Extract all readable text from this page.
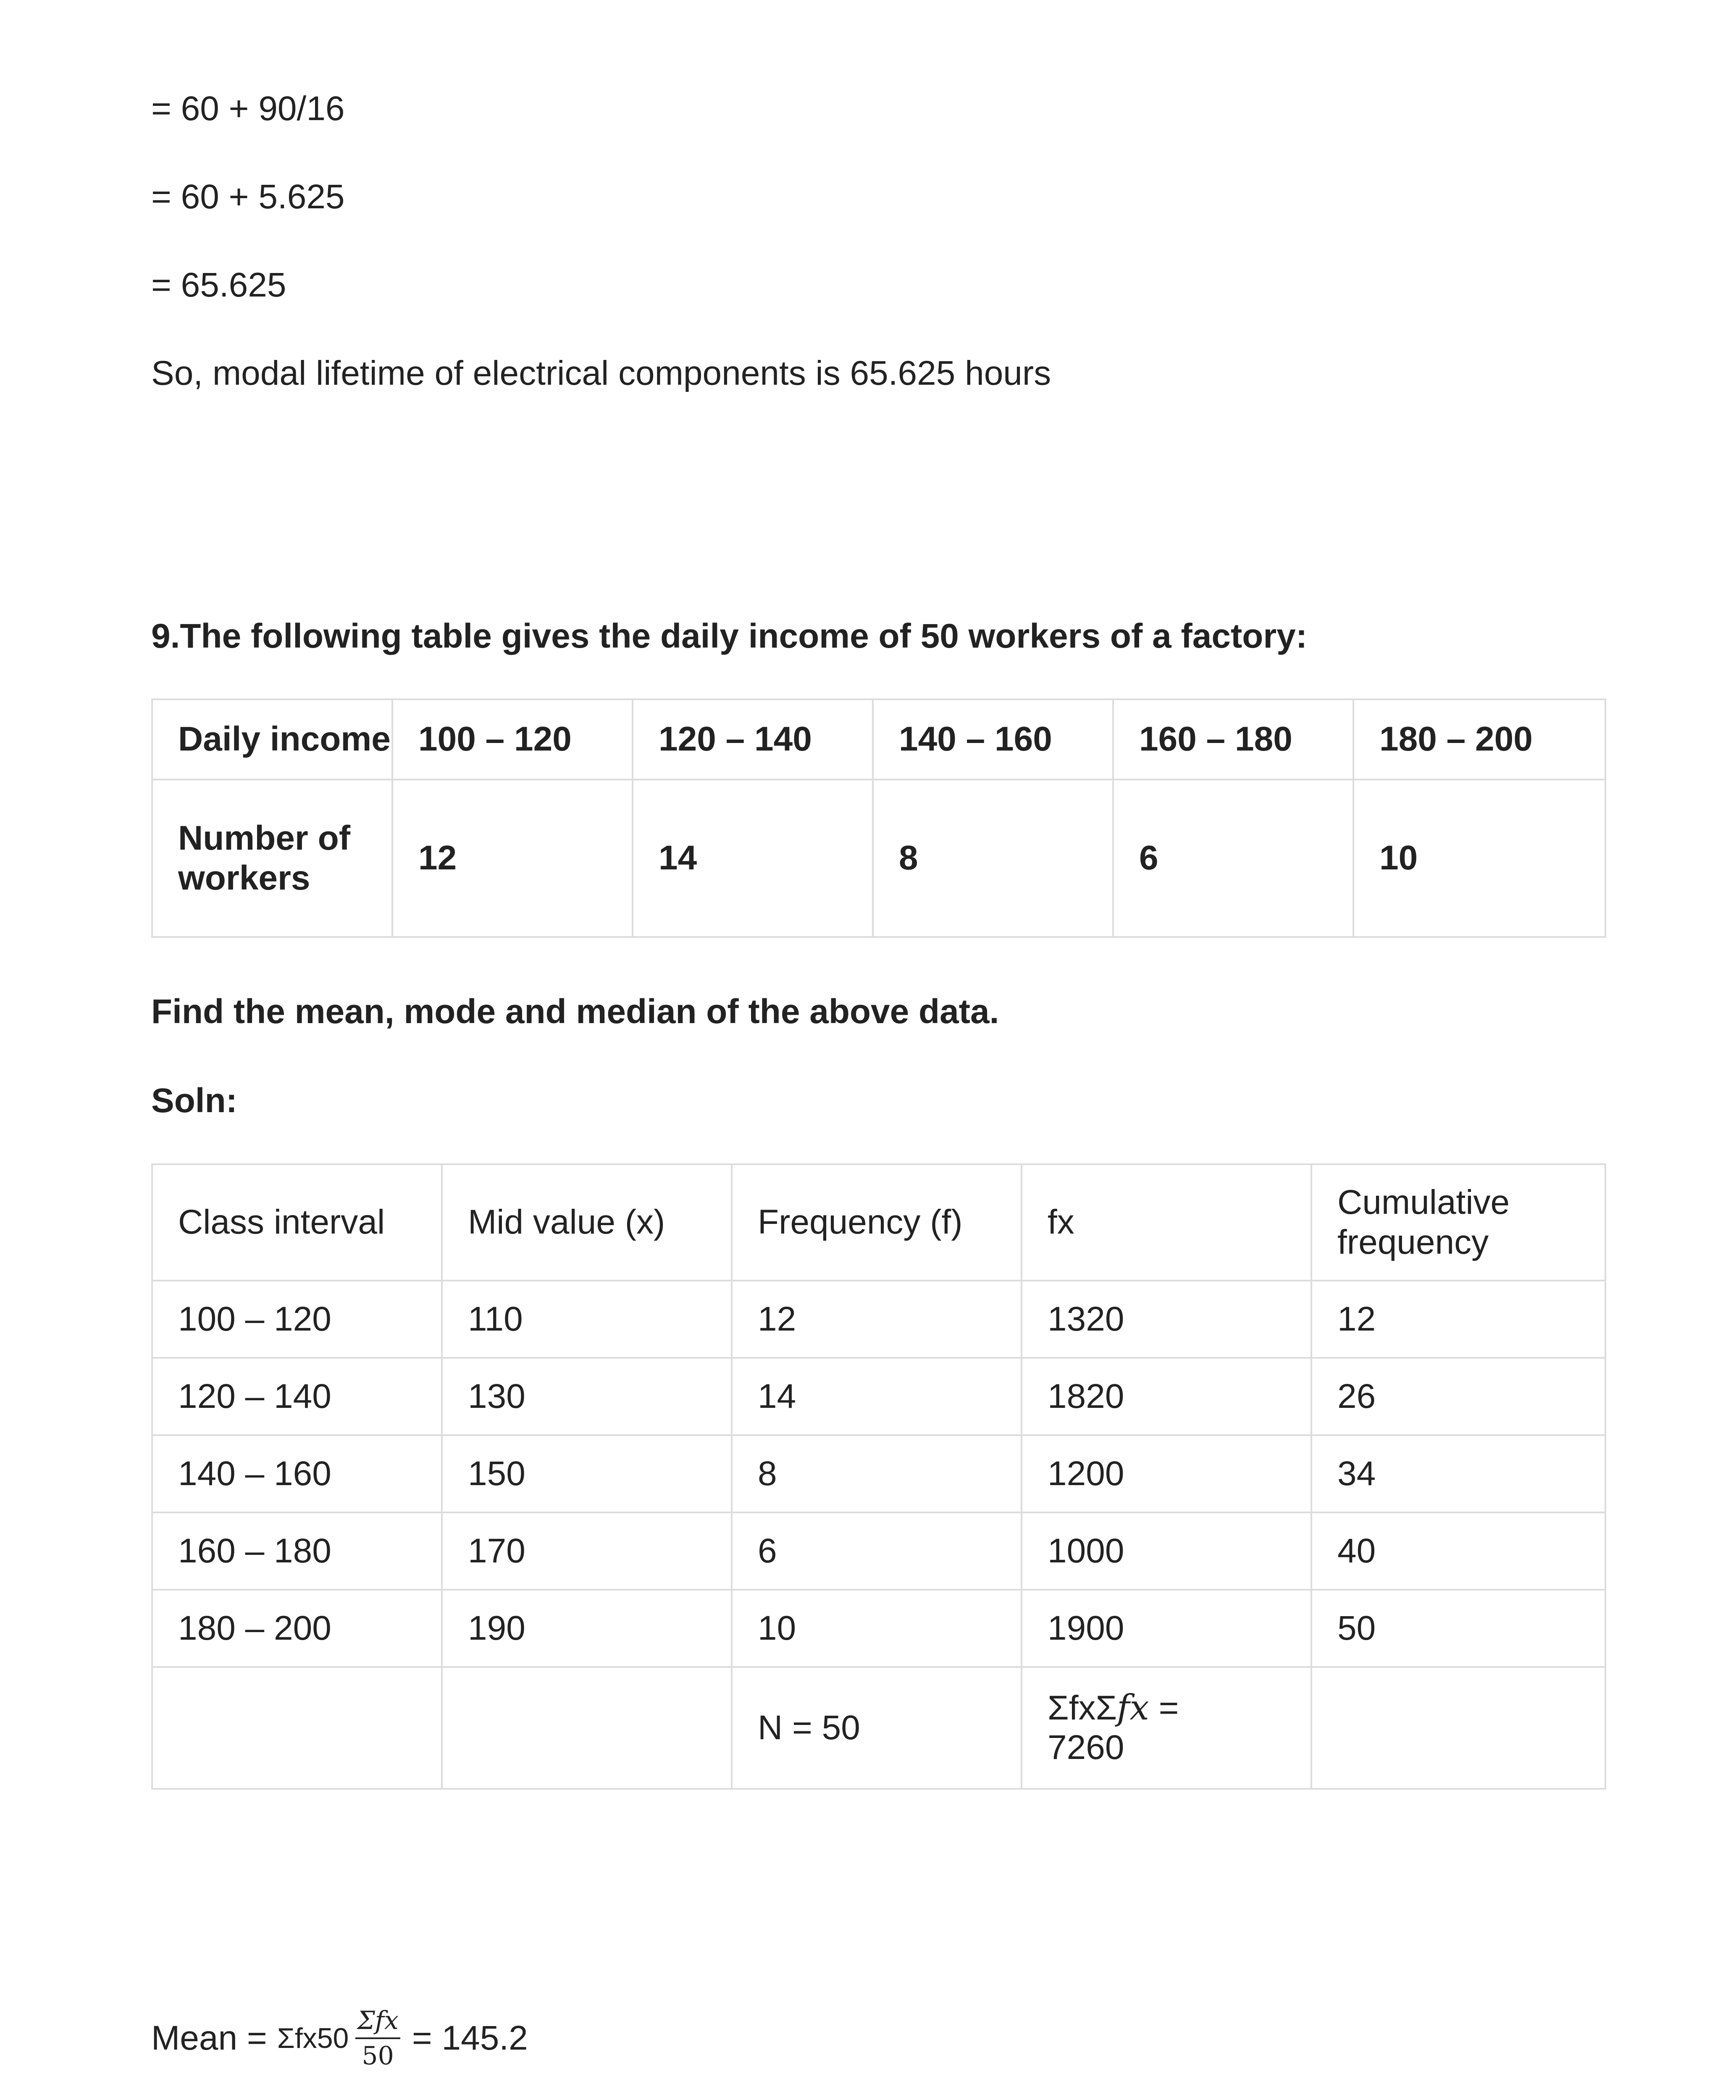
= 60 + 90/16
= 60 + 5.625
= 65.625
So, modal lifetime of electrical components is 65.625 hours
9.The following table gives the daily income of 50 workers of a factory:
Daily income	100 – 120	120 – 140	140 – 160	160 – 180	180 – 200
Number of workers	12	14	8	6	10
Find the mean, mode and median of the above data.
Soln:
Class interval	Mid value (x)	Frequency (f)	fx	Cumulative frequency
100 – 120	110	12	1320	12
120 – 140	130	14	1820	26
140 – 160	150	8	1200	34
160 – 180	170	6	1000	40
180 – 200	190	10	1900	50
		N = 50	ΣfxΣfx =
7260	
Mean = $\Sigma fx50 \frac{\text{Σfx}}{50} = 145.2$
